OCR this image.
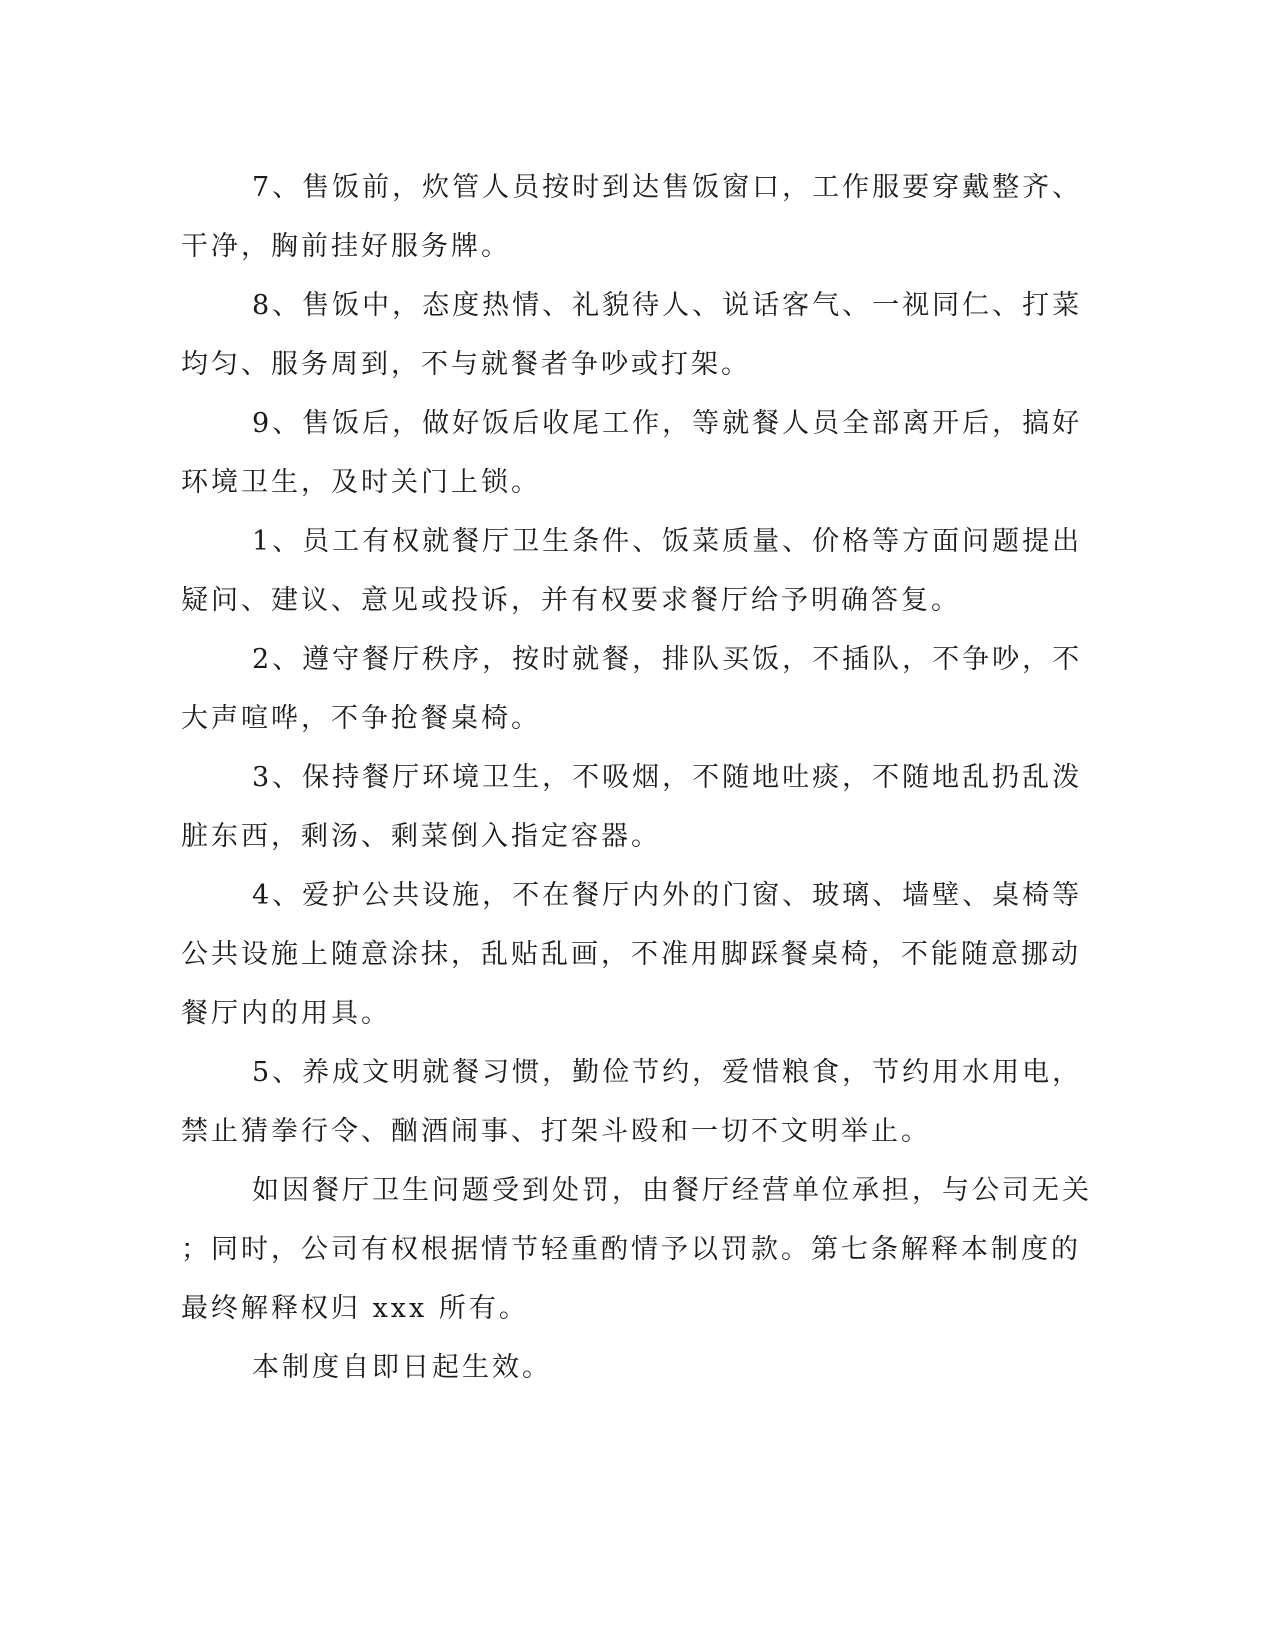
7、售饭前，炊管人员按时到达售饭窗口，工作服要穿戴整齐、
干净，胸前挂好服务牌。
8、售饭中，态度热情、礼貌待人、说话客气、一视同仁、打菜
均匀、服务周到，不与就餐者争吵或打架。
9、售饭后，做好饭后收尾工作，等就餐人员全部离开后，搞好
环境卫生，及时关门上锁。
1、员工有权就餐厅卫生条件、饭菜质量、价格等方面问题提出
疑问、建议、意见或投诉，并有权要求餐厅给予明确答复。
2、遵守餐厅秩序，按时就餐，排队买饭，不插队，不争吵，不
大声喧哗，不争抢餐桌椅。
3、保持餐厅环境卫生，不吸烟，不随地吐痰，不随地乱扔乱泼
脏东西，剩汤、剩菜倒入指定容器。
4、爱护公共设施，不在餐厅内外的门窗、玻璃、墙壁、桌椅等
公共设施上随意涂抹，乱贴乱画，不准用脚踩餐桌椅，不能随意挪动
餐厅内的用具。
5、养成文明就餐习惯，勤俭节约，爱惜粮食，节约用水用电，
禁止猜拳行令、酗酒闹事、打架斗殴和一切不文明举止。
如因餐厅卫生问题受到处罚，由餐厅经营单位承担，与公司无关
；同时，公司有权根据情节轻重酌情予以罚款。第七条解释本制度的
最终解释权归 xxx 所有。
本制度自即日起生效。
